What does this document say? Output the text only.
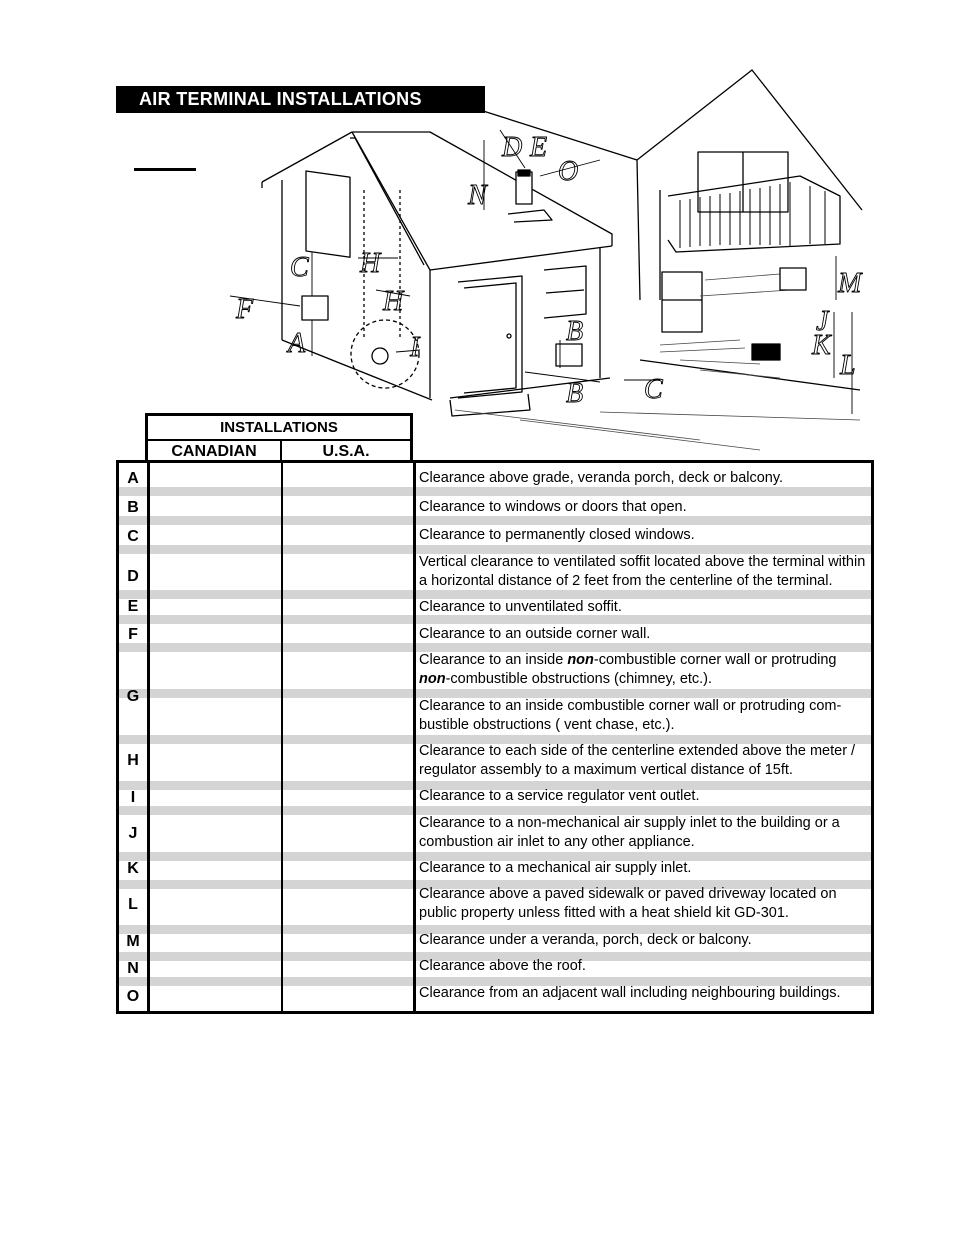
AIR TERMINAL INSTALLATIONS
D E
O
N
H
C
H
F
A	I
B
B C
M
J
K
L
INSTALLATIONS
CANADIAN	U.S.A.
A
B
C
D
E
F
G
H
I
J
K
L
M
N
O
Clearance above grade, veranda porch, deck or balcony.
Clearance to windows or doors that open.
Clearance to permanently closed windows.
Vertical clearance to ventilated soffit located above the terminal within a horizontal distance of 2 feet from the centerline of the terminal.
Clearance to unventilated soffit.
Clearance to an outside corner wall.
Clearance to an inside non-combustible corner wall or protruding non-combustible obstructions (chimney, etc.).
Clearance to an inside combustible corner wall or protruding com-bustible obstructions ( vent chase, etc.).
Clearance to each side of the centerline extended above the meter / regulator assembly to a maximum vertical distance of 15ft.
Clearance to a service regulator vent outlet.
Clearance to a non-mechanical air supply inlet to the building or a combustion air inlet to any other appliance.
Clearance to a mechanical air supply inlet.
Clearance above a paved sidewalk or paved driveway located on public property unless fitted with a heat shield kit GD-301.
Clearance under a veranda, porch, deck or balcony.
Clearance above the roof.
Clearance from an adjacent wall including neighbouring buildings.
